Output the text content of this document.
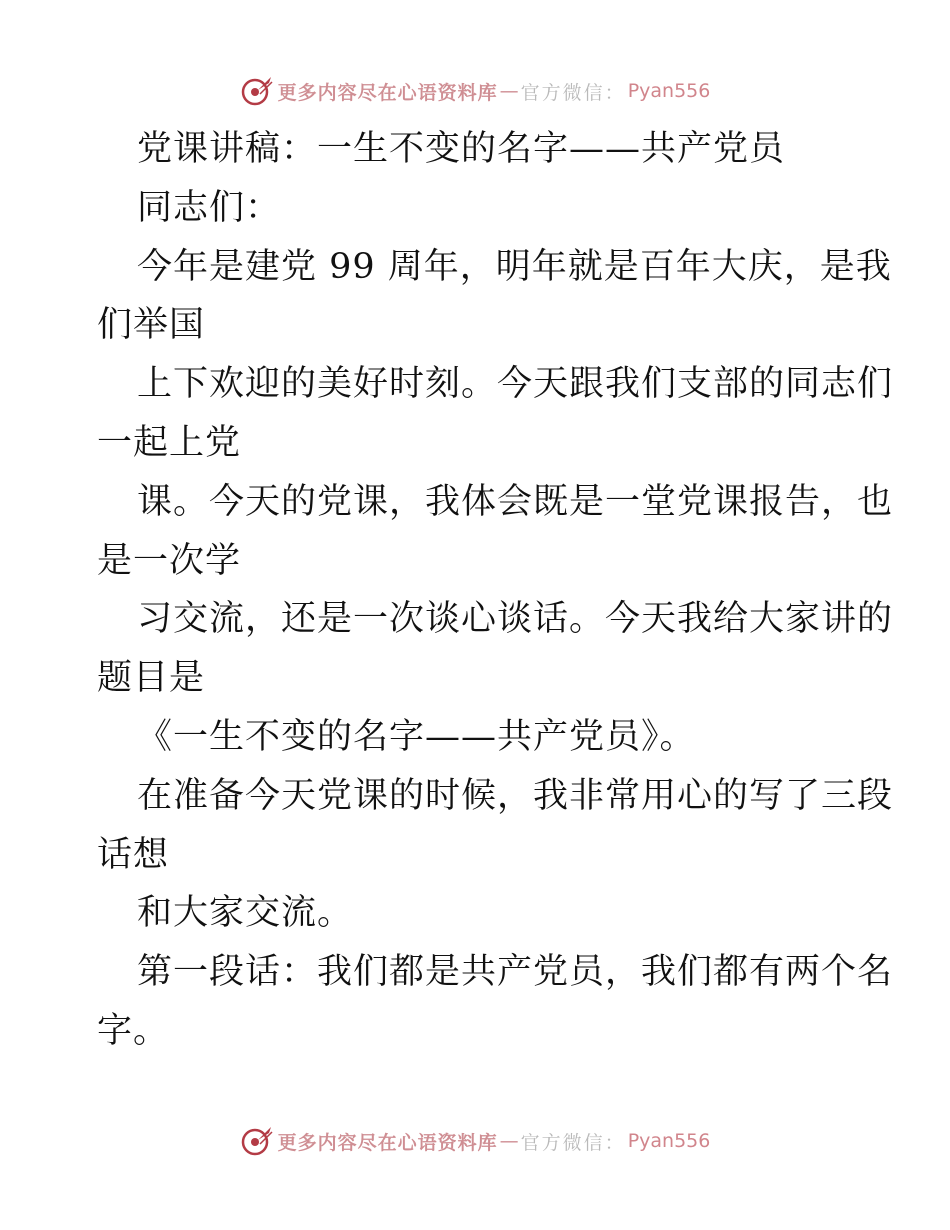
更多内容尽在心语资料库 — 官方微信： Pyan556
党课讲稿：一生不变的名字——共产党员
同志们：
今年是建党 99 周年，明年就是百年大庆，是我
们举国
上下欢迎的美好时刻。今天跟我们支部的同志们
一起上党
课。今天的党课，我体会既是一堂党课报告，也
是一次学
习交流，还是一次谈心谈话。今天我给大家讲的
题目是
《一生不变的名字——共产党员》。
在准备今天党课的时候，我非常用心的写了三段
话想
和大家交流。
第一段话：我们都是共产党员，我们都有两个名
字。
更多内容尽在心语资料库 — 官方微信： Pyan556
